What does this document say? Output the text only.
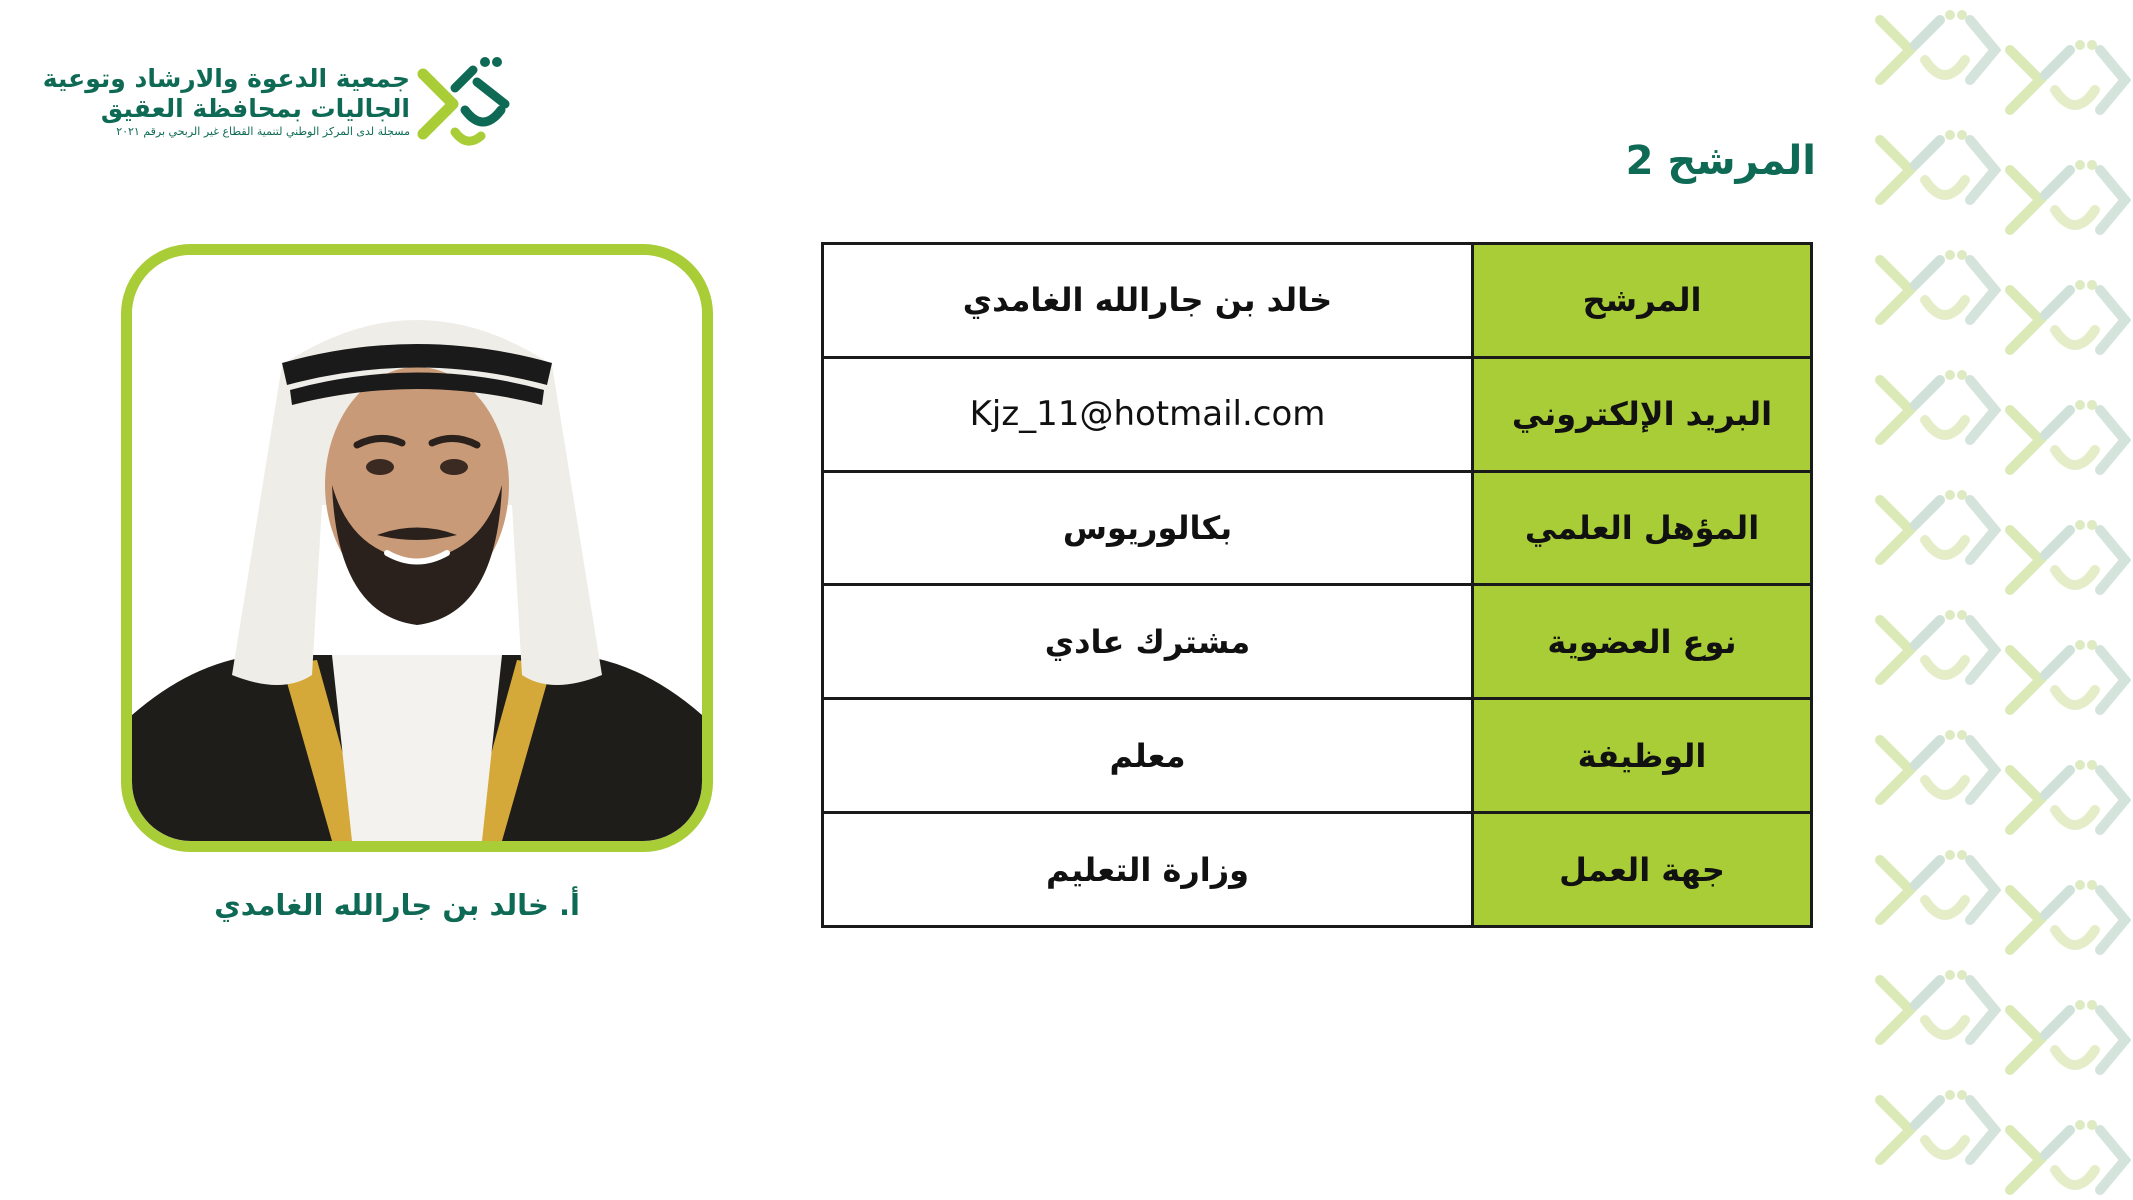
جمعية الدعوة والارشاد وتوعية
الجاليات بمحافظة العقيق
مسجلة لدى المركز الوطني لتنمية القطاع غير الربحي برقم ٢٠٢١
المرشح 2
المرشح	خالد بن جارالله الغامدي
البريد الإلكتروني	Kjz_11@hotmail.com
المؤهل العلمي	بكالوريوس
نوع العضوية	مشترك عادي
الوظيفة	معلم
جهة العمل	وزارة التعليم
أ. خالد بن جارالله الغامدي
